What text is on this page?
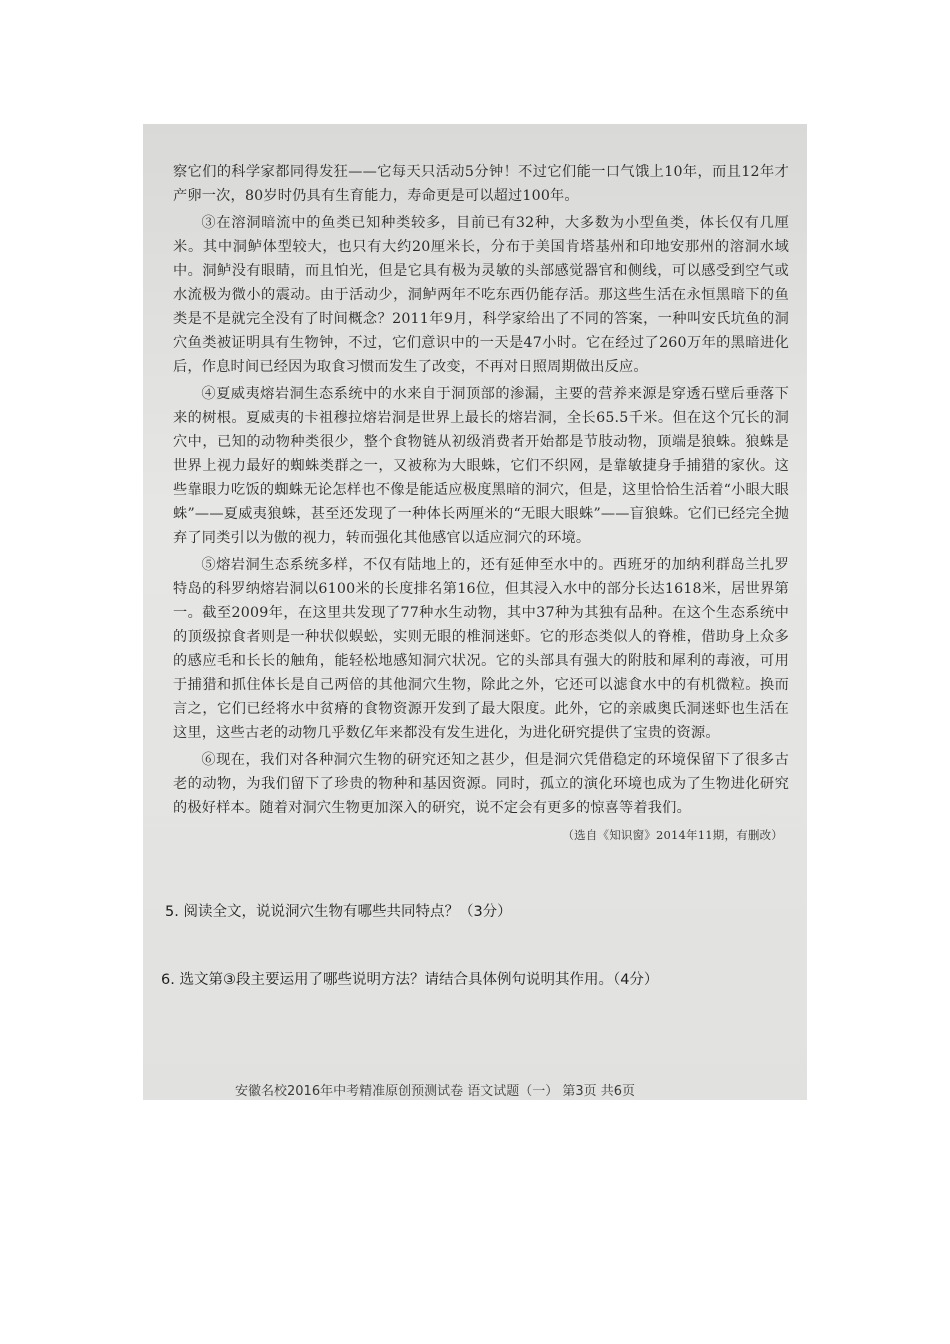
察它们的科学家都同得发狂——它每天只活动5分钟！不过它们能一口气饿上10年，而且12年才产卵一次，80岁时仍具有生育能力，寿命更是可以超过100年。

③在溶洞暗流中的鱼类已知种类较多，目前已有32种，大多数为小型鱼类，体长仅有几厘米。其中洞鲈体型较大，也只有大约20厘米长，分布于美国肯塔基州和印地安那州的溶洞水域中。洞鲈没有眼睛，而且怕光，但是它具有极为灵敏的头部感觉器官和侧线，可以感受到空气或水流极为微小的震动。由于活动少，洞鲈两年不吃东西仍能存活。那这些生活在永恒黑暗下的鱼类是不是就完全没有了时间概念？2011年9月，科学家给出了不同的答案，一种叫安氏坑鱼的洞穴鱼类被证明具有生物钟，不过，它们意识中的一天是47小时。它在经过了260万年的黑暗进化后，作息时间已经因为取食习惯而发生了改变，不再对日照周期做出反应。

④夏威夷熔岩洞生态系统中的水来自于洞顶部的渗漏，主要的营养来源是穿透石壁后垂落下来的树根。夏威夷的卡祖穆拉熔岩洞是世界上最长的熔岩洞，全长65.5千米。但在这个冗长的洞穴中，已知的动物种类很少，整个食物链从初级消费者开始都是节肢动物，顶端是狼蛛。狼蛛是世界上视力最好的蜘蛛类群之一，又被称为大眼蛛，它们不织网，是靠敏捷身手捕猎的家伙。这些靠眼力吃饭的蜘蛛无论怎样也不像是能适应极度黑暗的洞穴，但是，这里恰恰生活着“小眼大眼蛛”——夏威夷狼蛛，甚至还发现了一种体长两厘米的“无眼大眼蛛”——盲狼蛛。它们已经完全抛弃了同类引以为傲的视力，转而强化其他感官以适应洞穴的环境。

⑤熔岩洞生态系统多样，不仅有陆地上的，还有延伸至水中的。西班牙的加纳利群岛兰扎罗特岛的科罗纳熔岩洞以6100米的长度排名第16位，但其浸入水中的部分长达1618米，居世界第一。截至2009年，在这里共发现了77种水生动物，其中37种为其独有品种。在这个生态系统中的顶级掠食者则是一种状似蜈蚣，实则无眼的椎洞迷虾。它的形态类似人的脊椎，借助身上众多的感应毛和长长的触角，能轻松地感知洞穴状况。它的头部具有强大的附肢和犀利的毒液，可用于捕猎和抓住体长是自己两倍的其他洞穴生物，除此之外，它还可以滤食水中的有机微粒。换而言之，它们已经将水中贫瘠的食物资源开发到了最大限度。此外，它的亲戚奥氏洞迷虾也生活在这里，这些古老的动物几乎数亿年来都没有发生进化，为进化研究提供了宝贵的资源。

⑥现在，我们对各种洞穴生物的研究还知之甚少，但是洞穴凭借稳定的环境保留下了很多古老的动物，为我们留下了珍贵的物种和基因资源。同时，孤立的演化环境也成为了生物进化研究的极好样本。随着对洞穴生物更加深入的研究，说不定会有更多的惊喜等着我们。

（选自《知识窗》2014年11期，有删改）

5. 阅读全文，说说洞穴生物有哪些共同特点？（3分）

6. 选文第③段主要运用了哪些说明方法？请结合具体例句说明其作用。（4分）

安徽名校2016年中考精准原创预测试卷 语文试题（一） 第3页 共6页
